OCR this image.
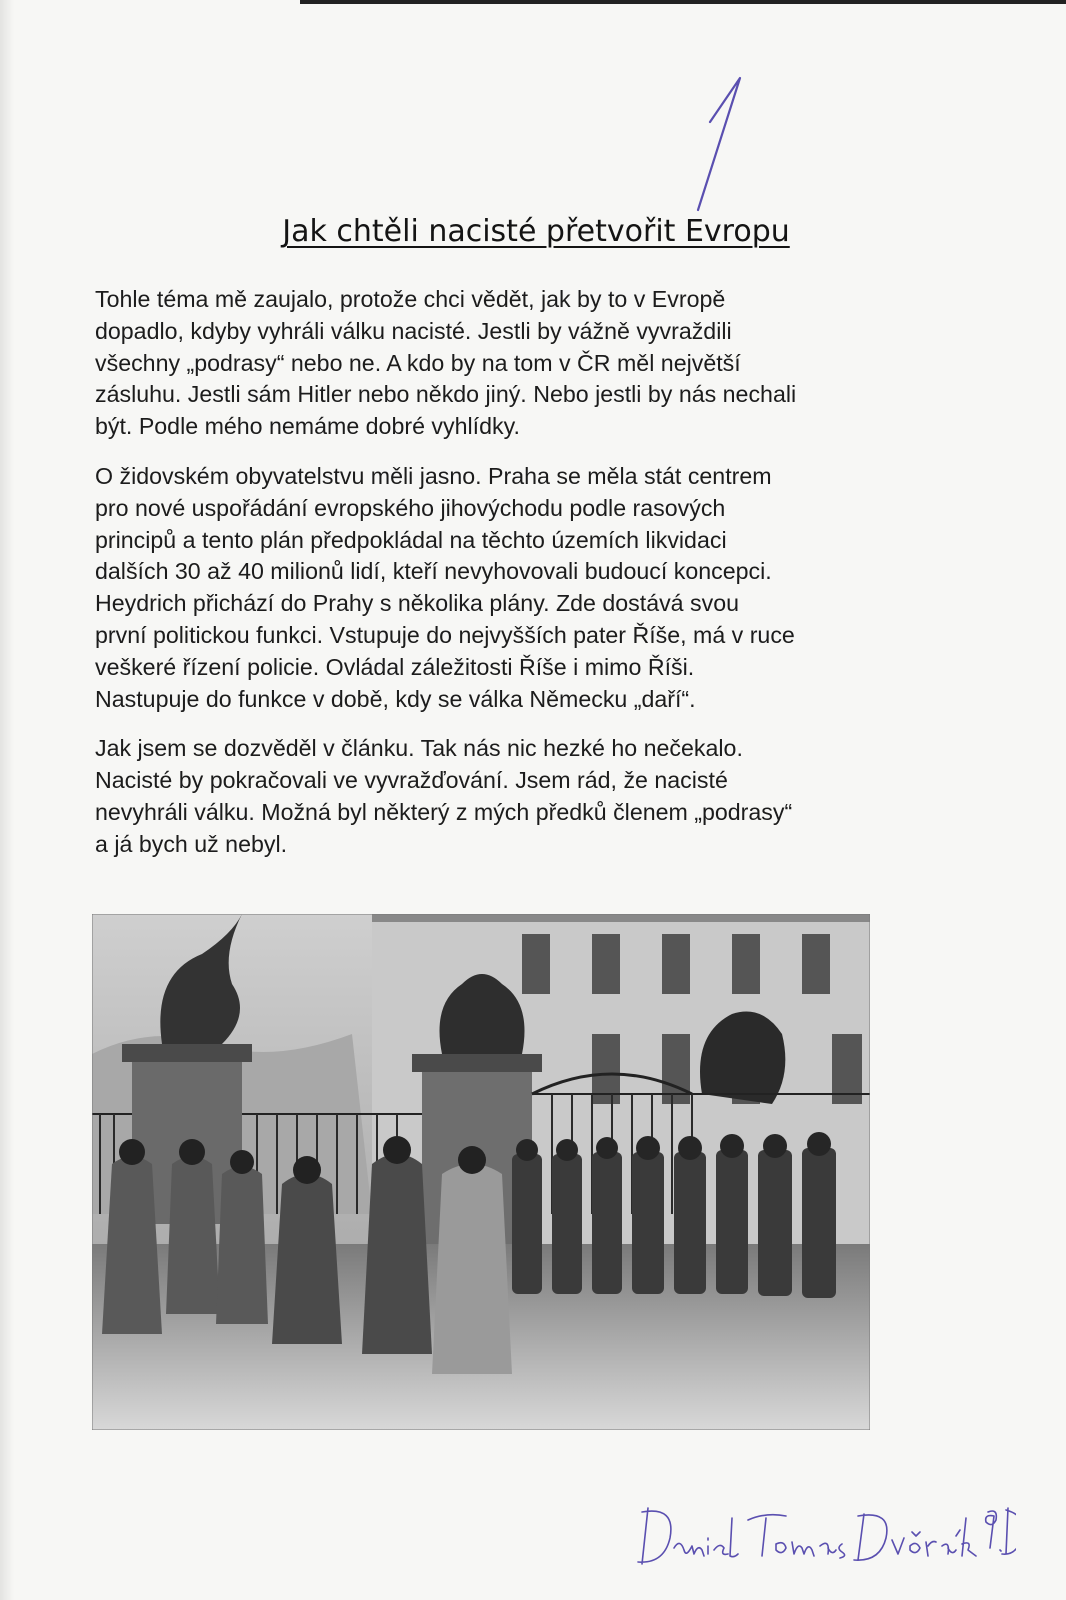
Jak chtěli nacisté přetvořit Evropu

Tohle téma mě zaujalo, protože chci vědět, jak by to v Evropě
dopadlo, kdyby vyhráli válku nacisté. Jestli by vážně vyvraždili
všechny „podrasy“ nebo ne. A kdo by na tom v ČR měl největší
zásluhu. Jestli sám Hitler nebo někdo jiný. Nebo jestli by nás nechali
být. Podle mého nemáme dobré vyhlídky.

O židovském obyvatelstvu měli jasno. Praha se měla stát centrem
pro nové uspořádání evropského jihovýchodu podle rasových
principů a tento plán předpokládal na těchto územích likvidaci
dalších 30 až 40 milionů lidí, kteří nevyhovovali budoucí koncepci.
Heydrich přichází do Prahy s několika plány. Zde dostává svou
první politickou funkci. Vstupuje do nejvyšších pater Říše, má v ruce
veškeré řízení policie. Ovládal záležitosti Říše i mimo Říši.
Nastupuje do funkce v době, kdy se válka Německu „daří“.

Jak jsem se dozvěděl v článku. Tak nás nic hezké ho nečekalo.
Nacisté by pokračovali ve vyvražďování. Jsem rád, že nacisté
nevyhráli válku. Možná byl některý z mých předků členem „podrasy“
a já bych už nebyl.
